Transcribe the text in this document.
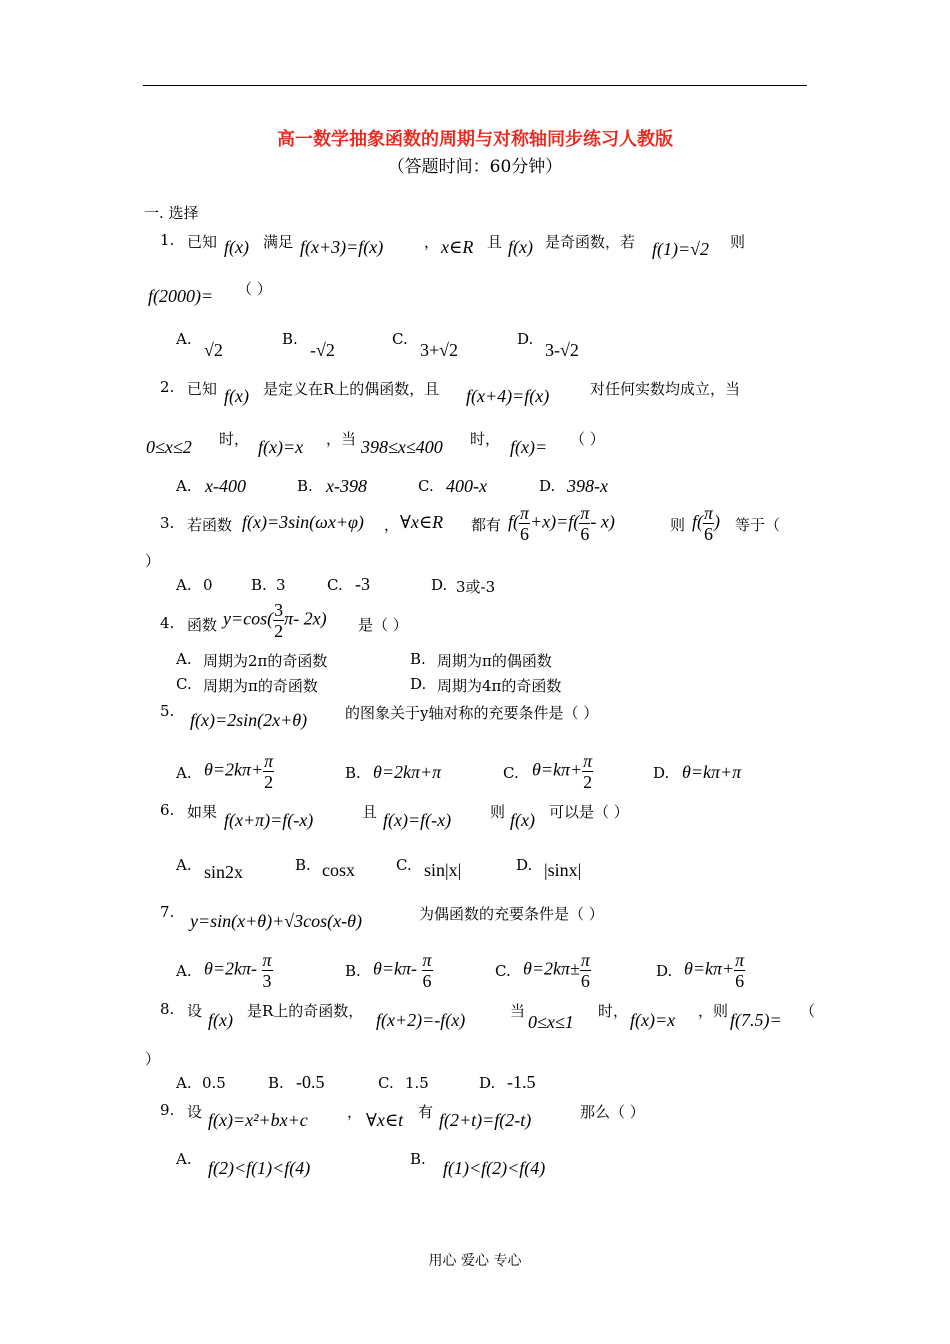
高一数学抽象函数的周期与对称轴同步练习人教版
（答题时间：60分钟）
一. 选择
1. 已知 f(x) 满足 f(x+3)=f(x)	， x∈R 且 f(x) 是奇函数，若 f(1)=√2 则
f(2000)= （ ）
A.
√2
B.
-√2
C.
3+√2
D.
3-√2
2. 已知 f(x) 是定义在R上的偶函数，且 f(x+4)=f(x)	对任何实数均成立，当
0≤x≤2 时， f(x)=x ，当 398≤x≤400 时， f(x)= （ ）
A. x-400	B. x-398	C. 400-x	D. 398-x
3. 若函数 f(x)=3sin(ωx+φ) ， ∀x∈R 都有 $f( \frac{\pi}{6} +x)=f( \frac{\pi}{6} - x)$	则 $f( \frac{\pi}{6}$ ) 等于（
）
A. 0	B. 3	C. -3	D. 3或-3
4. 函数 $y=\cos( \frac{3}{2} \pi-$ 2x) 是（ ）
A. 周期为2π的奇函数	B. 周期为π的偶函数
C. 周期为π的奇函数	D. 周期为4π的奇函数
5. f(x)=2sin(2x+θ)	的图象关于y轴对称的充要条件是（ ）
A. $\theta=2k\pi+ \frac{\pi}{2}$	B. θ=2kπ+π	C. $\theta=k\pi+ \frac{\pi}{2}$	D. θ=kπ+π
6. 如果 f(x+π)=f(-x)	且 f(x)=f(-x)	则 f(x) 可以是（ ）
A. sin2x	B. cosx	C. sin|x|	D. |sinx|
7. y=sin(x+θ)+√3cos(x-θ)	为偶函数的充要条件是（ ）
A. $\theta=2k\pi- \frac{\pi}{3}$	B. $\theta=k\pi- \frac{\pi}{6}$	C. $\theta=2k\pi\pm \frac{\pi}{6}$	D. $\theta=k\pi+ \frac{\pi}{6}$
8. 设 f(x) 是R上的奇函数， f(x+2)=-f(x)	当
0≤x≤1
时， f(x)=x ，则 f(7.5)= （
）
A. 0.5	B. -0.5	C. 1.5	D. -1.5
9. 设 f(x)=x²+bx+c	， ∀x∈t 有 f(2+t)=f(2-t)	那么（ ）
A. f(2)<f(1)<f(4)	B. f(1)<f(2)<f(4)
用心 爱心 专心
